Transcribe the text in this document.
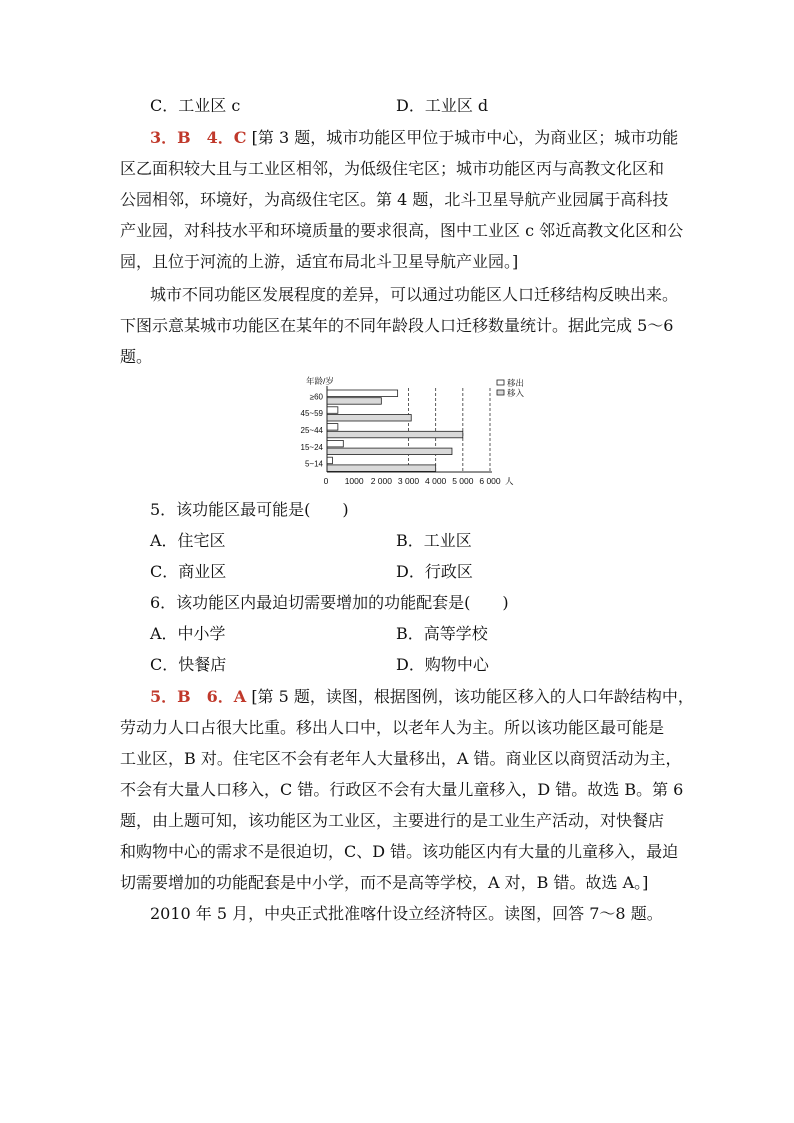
C．工业区 c	D．工业区 d
3．B　4．C [第 3 题，城市功能区甲位于城市中心，为商业区；城市功能
区乙面积较大且与工业区相邻，为低级住宅区；城市功能区丙与高教文化区和
公园相邻，环境好，为高级住宅区。第 4 题，北斗卫星导航产业园属于高科技
产业园，对科技水平和环境质量的要求很高，图中工业区 c 邻近高教文化区和公
园，且位于河流的上游，适宜布局北斗卫星导航产业园。]
城市不同功能区发展程度的差异，可以通过功能区人口迁移结构反映出来。
下图示意某城市功能区在某年的不同年龄段人口迁移数量统计。据此完成 5～6
题。
年龄/岁
≥60
45~59
25~44
15~24
5~14
0 1000 2 000 3 000 4 000 5 000 6 000 人
移出
移入
5．该功能区最可能是(　　)
A．住宅区	B．工业区
C．商业区	D．行政区
6．该功能区内最迫切需要增加的功能配套是(　　)
A．中小学	B．高等学校
C．快餐店	D．购物中心
5．B　6．A [第 5 题，读图，根据图例，该功能区移入的人口年龄结构中，
劳动力人口占很大比重。移出人口中，以老年人为主。所以该功能区最可能是
工业区，B 对。住宅区不会有老年人大量移出，A 错。商业区以商贸活动为主，
不会有大量人口移入，C 错。行政区不会有大量儿童移入，D 错。故选 B。第 6
题，由上题可知，该功能区为工业区，主要进行的是工业生产活动，对快餐店
和购物中心的需求不是很迫切，C、D 错。该功能区内有大量的儿童移入，最迫
切需要增加的功能配套是中小学，而不是高等学校，A 对，B 错。故选 A。]
2010 年 5 月，中央正式批准喀什设立经济特区。读图，回答 7～8 题。
